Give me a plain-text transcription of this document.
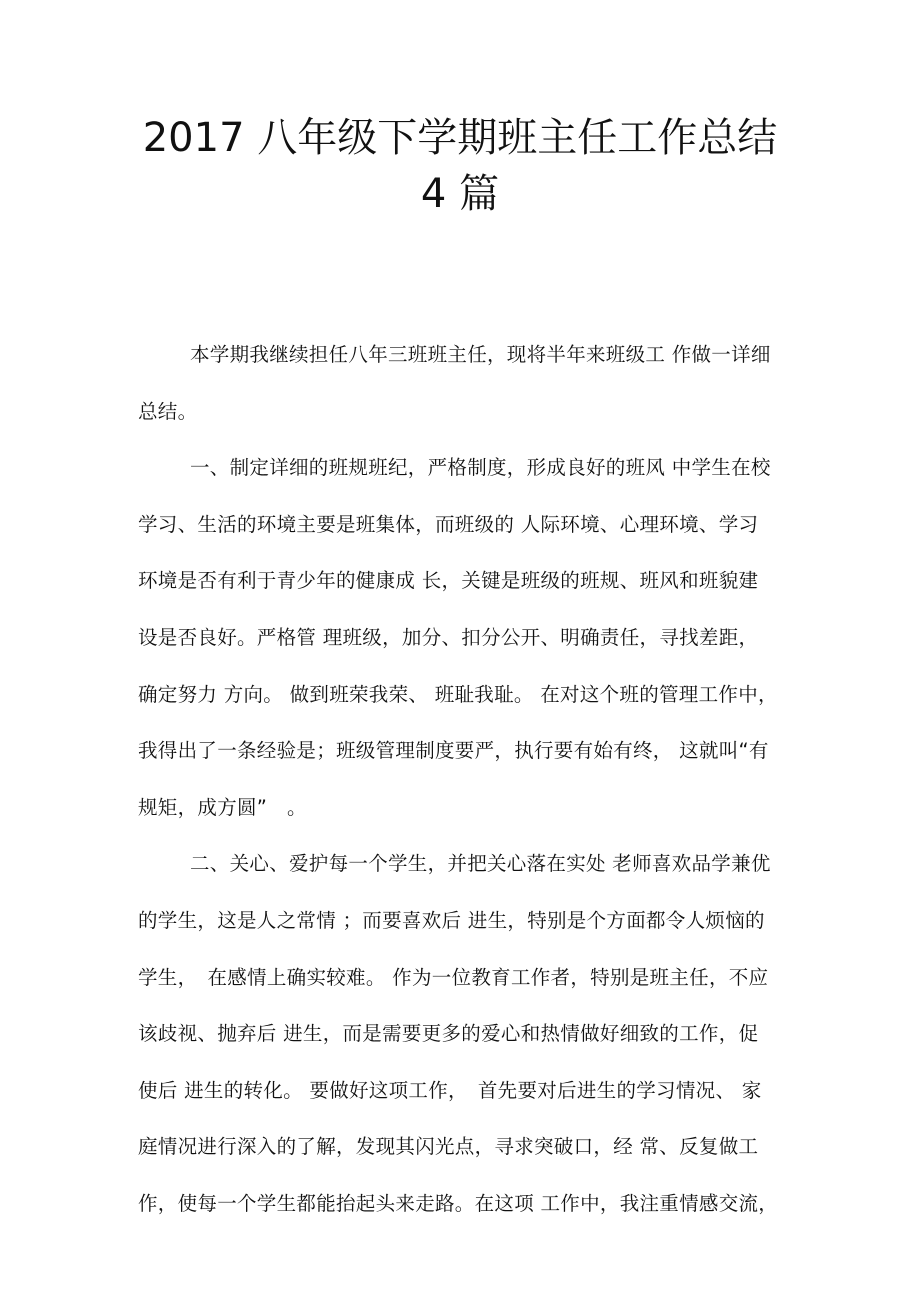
2017 八年级下学期班主任工作总结
4 篇
本学期我继续担任八年三班班主任，现将半年来班级工 作做一详细
总结。
一、制定详细的班规班纪，严格制度，形成良好的班风 中学生在校
学习、生活的环境主要是班集体，而班级的 人际环境、心理环境、学习
环境是否有利于青少年的健康成 长，关键是班级的班规、班风和班貌建
设是否良好。严格管 理班级，加分、扣分公开、明确责任，寻找差距，
确定努力 方向。 做到班荣我荣、 班耻我耻。 在对这个班的管理工作中，
我得出了一条经验是；班级管理制度要严，执行要有始有终， 这就叫“有
规矩，成方圆”　。
二、关心、爱护每一个学生，并把关心落在实处 老师喜欢品学兼优
的学生，这是人之常情 ；而要喜欢后 进生，特别是个方面都令人烦恼的
学生，　在感情上确实较难。 作为一位教育工作者，特别是班主任，不应
该歧视、抛弃后 进生，而是需要更多的爱心和热情做好细致的工作，促
使后 进生的转化。 要做好这项工作，　首先要对后进生的学习情况、 家
庭情况进行深入的了解，发现其闪光点，寻求突破口，经 常、反复做工
作，使每一个学生都能抬起头来走路。在这项 工作中，我注重情感交流，
